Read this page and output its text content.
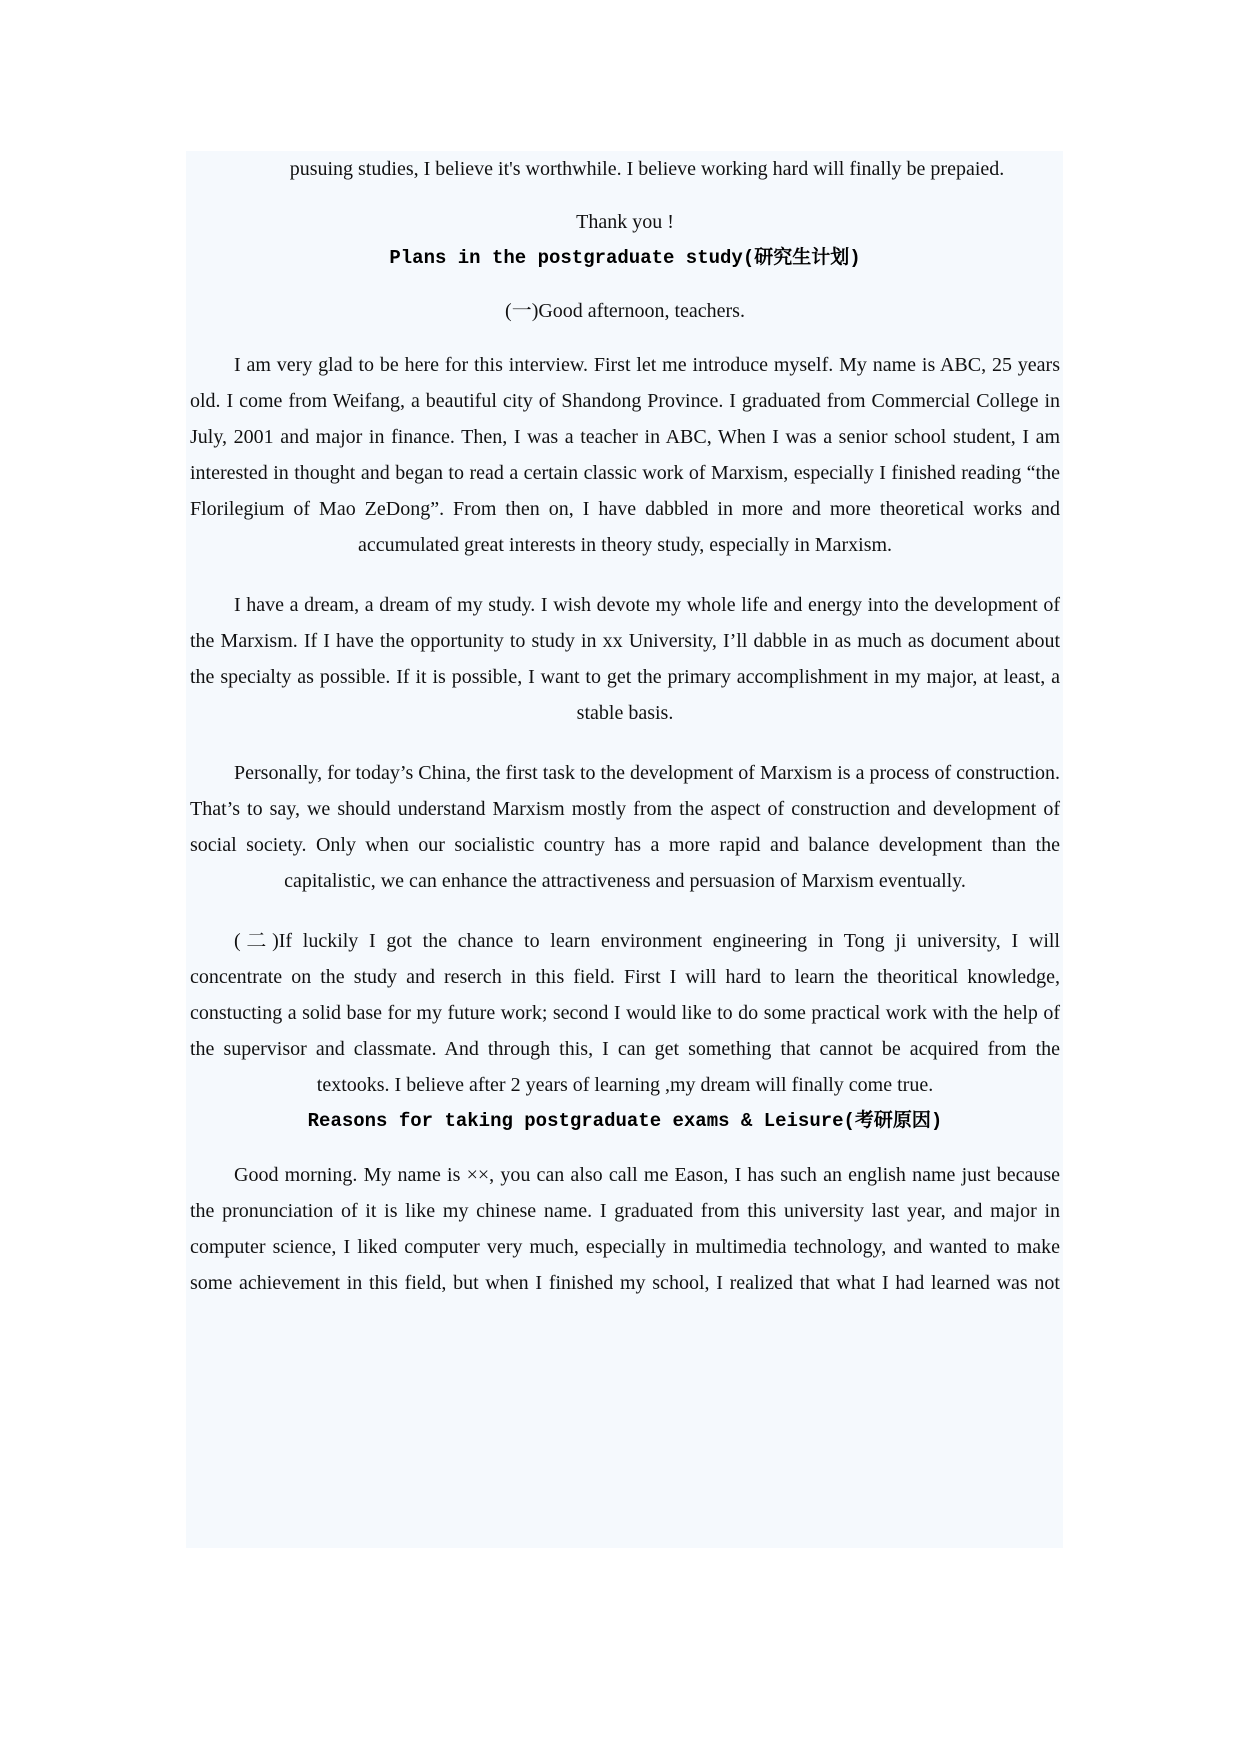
pusuing studies, I believe it's worthwhile. I believe working hard will finally be prepaied.

Thank you !

Plans in the postgraduate study(研究生计划)

(一)Good afternoon, teachers.

I am very glad to be here for this interview. First let me introduce myself. My name is ABC, 25 years old. I come from Weifang, a beautiful city of Shandong Province. I graduated from Commercial College in July, 2001 and major in finance. Then, I was a teacher in ABC, When I was a senior school student, I am interested in thought and began to read a certain classic work of Marxism, especially I finished reading “the Florilegium of Mao ZeDong”. From then on, I have dabbled in more and more theoretical works and accumulated great interests in theory study, especially in Marxism.

I have a dream, a dream of my study. I wish devote my whole life and energy into the development of the Marxism. If I have the opportunity to study in xx University, I’ll dabble in as much as document about the specialty as possible. If it is possible, I want to get the primary accomplishment in my major, at least, a stable basis.

Personally, for today’s China, the first task to the development of Marxism is a process of construction. That’s to say, we should understand Marxism mostly from the aspect of construction and development of social society. Only when our socialistic country has a more rapid and balance development than the capitalistic, we can enhance the attractiveness and persuasion of Marxism eventually.

(二)If luckily I got the chance to learn environment engineering in Tong ji university, I will concentrate on the study and reserch in this field. First I will hard to learn the theoritical knowledge, constucting a solid base for my future work; second I would like to do some practical work with the help of the supervisor and classmate. And through this, I can get something that cannot be acquired from the textooks. I believe after 2 years of learning ,my dream will finally come true.

Reasons for taking postgraduate exams & Leisure(考研原因)

Good morning. My name is ××, you can also call me Eason, I has such an english name just because the pronunciation of it is like my chinese name. I graduated from this university last year, and major in computer science, I liked computer very much, especially in multimedia technology, and wanted to make some achievement in this field, but when I finished my school, I realized that what I had learned was not
